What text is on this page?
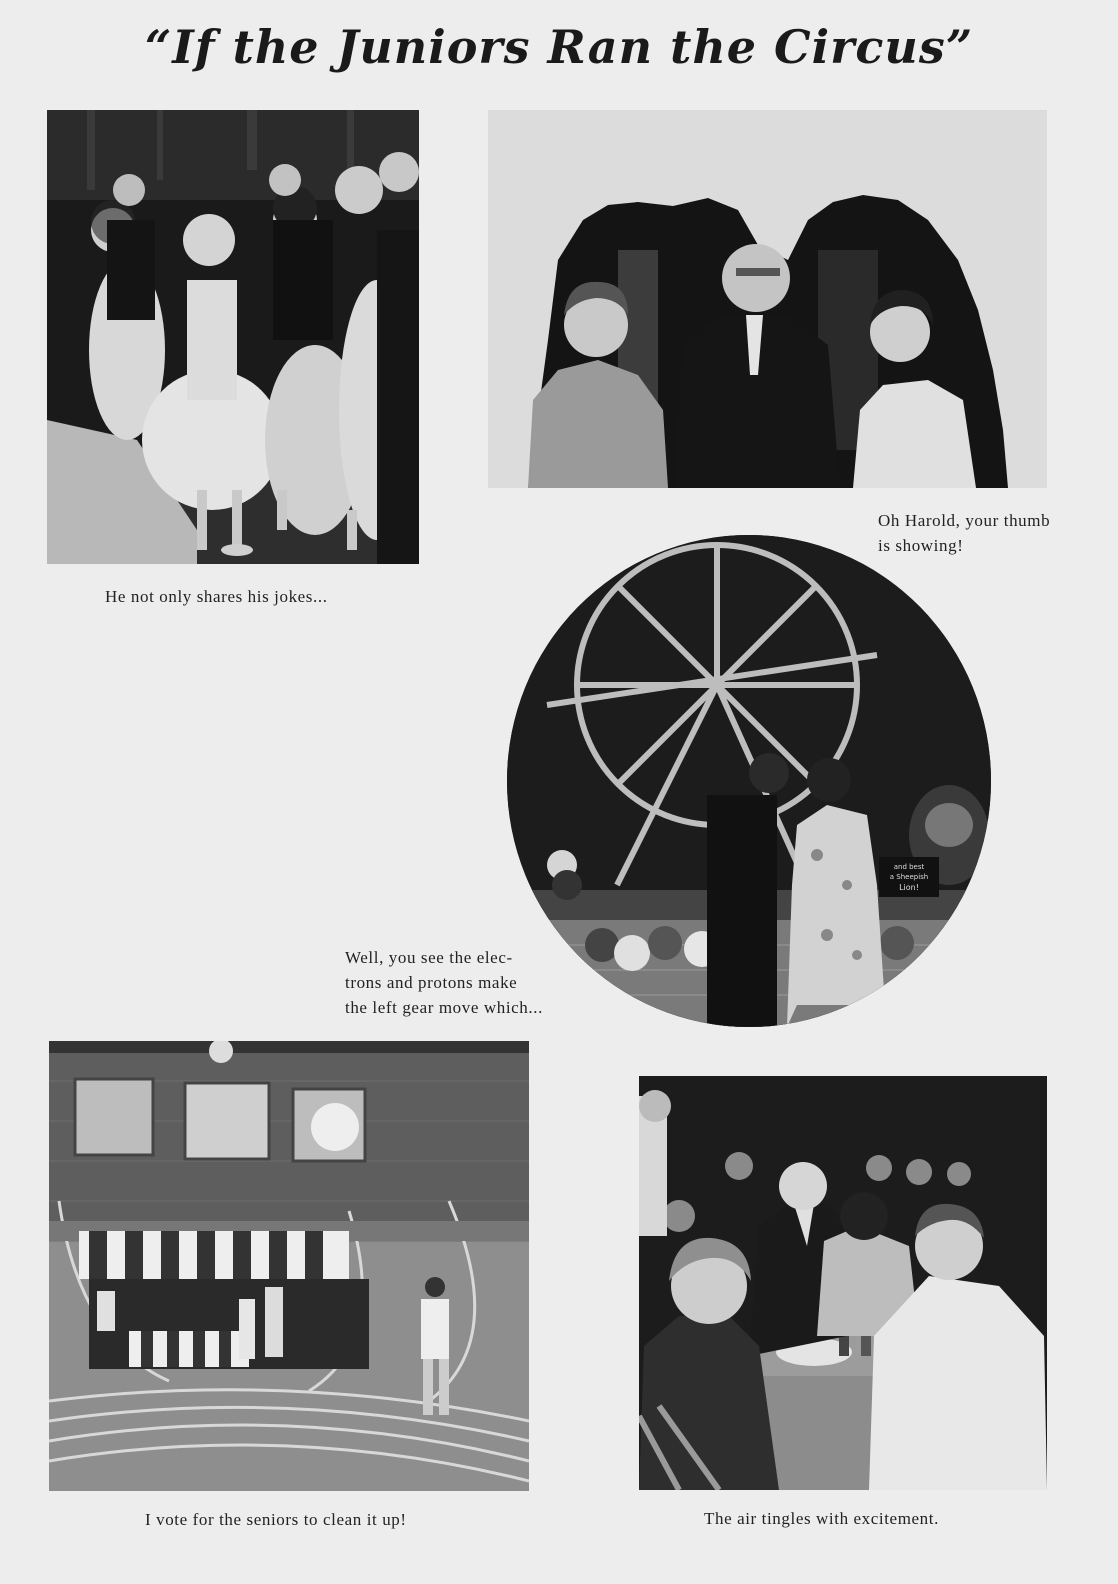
“If the Juniors Ran the Circus”
He not only shares his jokes...
Oh Harold, your thumb
is showing!
and best
a Sheepish
Lion!
Well, you see the elec-
trons and protons make
the left gear move which...
I vote for the seniors to clean it up!	The air tingles with excitement.
